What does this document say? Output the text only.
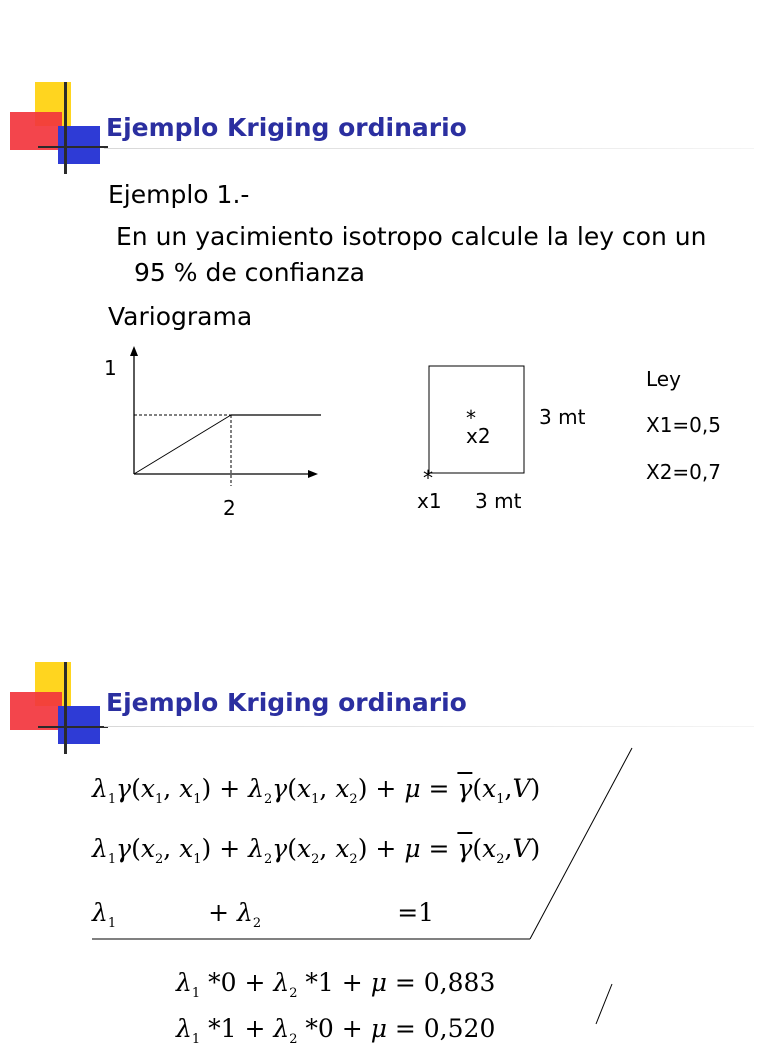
Ejemplo Kriging ordinario
Ejemplo 1.-
En un yacimiento isotropo calcule la ley con un
95 % de confianza
Variograma
1
2
*
x2
*
x1
3 mt
3 mt
Ley
X1=0,5
X2=0,7
Ejemplo Kriging ordinario
$\lambda_1\gamma(x_1$, $x_1) + \lambda_2\gamma(x_1$, $x_2) + \mu = \overline{\gamma}(x_1,V)$
$\lambda_1\gamma(x_2$, $x_1) + \lambda_2\gamma(x_2$, $x_2) + \mu = \overline{\gamma}(x_2,V)$
$\lambda_1$	+ $\lambda_2$	=1
$\lambda_1$ $*0 + \lambda_2$ *1 + μ = 0,883
$\lambda_1$ $*1 + \lambda_2$ *0 + μ = 0,520
